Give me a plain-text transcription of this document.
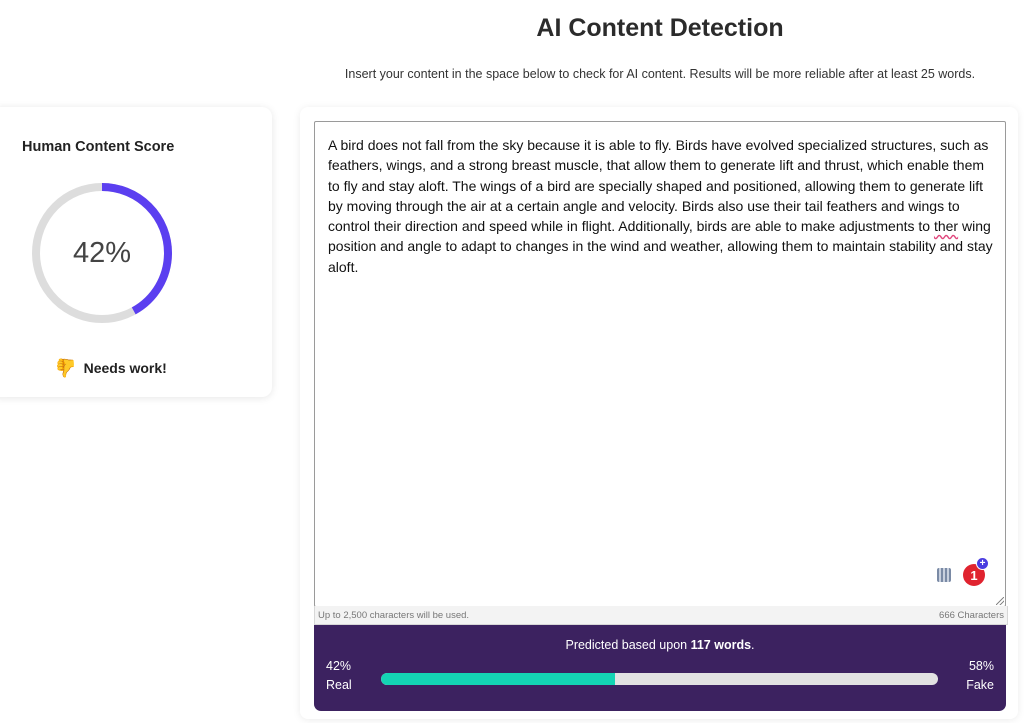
AI Content Detection
Insert your content in the space below to check for AI content. Results will be more reliable after at least 25 words.
Human Content Score
42%
👍 Needs work!
A bird does not fall from the sky because it is able to fly. Birds have evolved specialized structures, such as feathers, wings, and a strong breast muscle, that allow them to generate lift and thrust, which enable them to fly and stay aloft. The wings of a bird are specially shaped and positioned, allowing them to generate lift by moving through the air at a certain angle and velocity. Birds also use their tail feathers and wings to control their direction and speed while in flight. Additionally, birds are able to make adjustments to ther wing position and angle to adapt to changes in the wind and weather, allowing them to maintain stability and stay aloft.
1
+
Up to 2,500 characters will be used.	666 Characters
Predicted based upon 117 words.
42%
Real
58%
Fake
